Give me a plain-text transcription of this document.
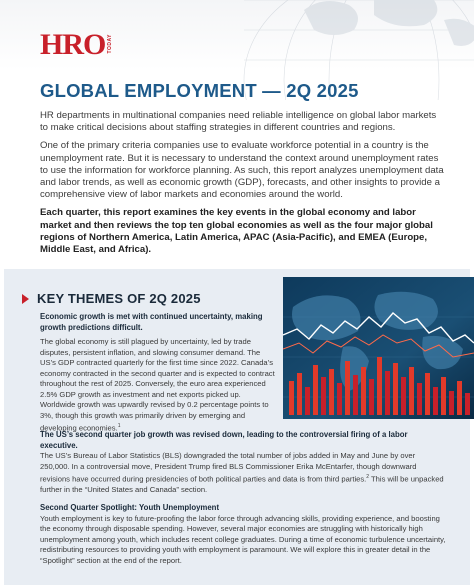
HRO TODAY
GLOBAL EMPLOYMENT — 2Q 2025

HR departments in multinational companies need reliable intelligence on global labor markets to make critical decisions about staffing strategies in different countries and regions.

One of the primary criteria companies use to evaluate workforce potential in a country is the unemployment rate. But it is necessary to understand the context around unemployment rates to use the information for workforce planning. As such, this report analyzes unemployment data and labor trends, as well as economic growth (GDP), forecasts, and other insights to provide a comprehensive view of labor markets and economies around the world.

Each quarter, this report examines the key events in the global economy and labor market and then reviews the top ten global economies as well as the four major global regions of Northern America, Latin America, APAC (Asia-Pacific), and EMEA (Europe, Middle East, and Africa).

KEY THEMES OF 2Q 2025
Economic growth is met with continued uncertainty, making growth predictions difficult.
The global economy is still plagued by uncertainty, led by trade disputes, persistent inflation, and slowing consumer demand. The US’s GDP contracted quarterly for the first time since 2022. Canada’s economy contracted in the second quarter and is expected to contract throughout the rest of 2025. Conversely, the euro area experienced 2.5% GDP growth as investment and net exports picked up. Worldwide growth was upwardly revised by 0.2 percentage points to 3%, though this growth was primarily driven by emerging and developing economies.$^1$
The US’s second quarter job growth was revised down, leading to the controversial firing of a labor executive.
The US’s Bureau of Labor Statistics (BLS) downgraded the total number of jobs added in May and June by over 250,000. In a controversial move, President Trump fired BLS Commissioner Erika McEntarfer, though downward revisions have occurred during presidencies of both political parties and data is from third parties.$^2$ This will be unpacked further in the “United States and Canada” section.
Second Quarter Spotlight: Youth Unemployment
Youth employment is key to future-proofing the labor force through advancing skills, providing experience, and boosting the economy through disposable spending. However, several major economies are struggling with historically high unemployment among youth, which includes recent college graduates. During a time of economic turbulence uncertainty, redistributing resources to providing youth with employment is paramount. We will explore this in greater detail in the “Spotlight” section at the end of the report.
